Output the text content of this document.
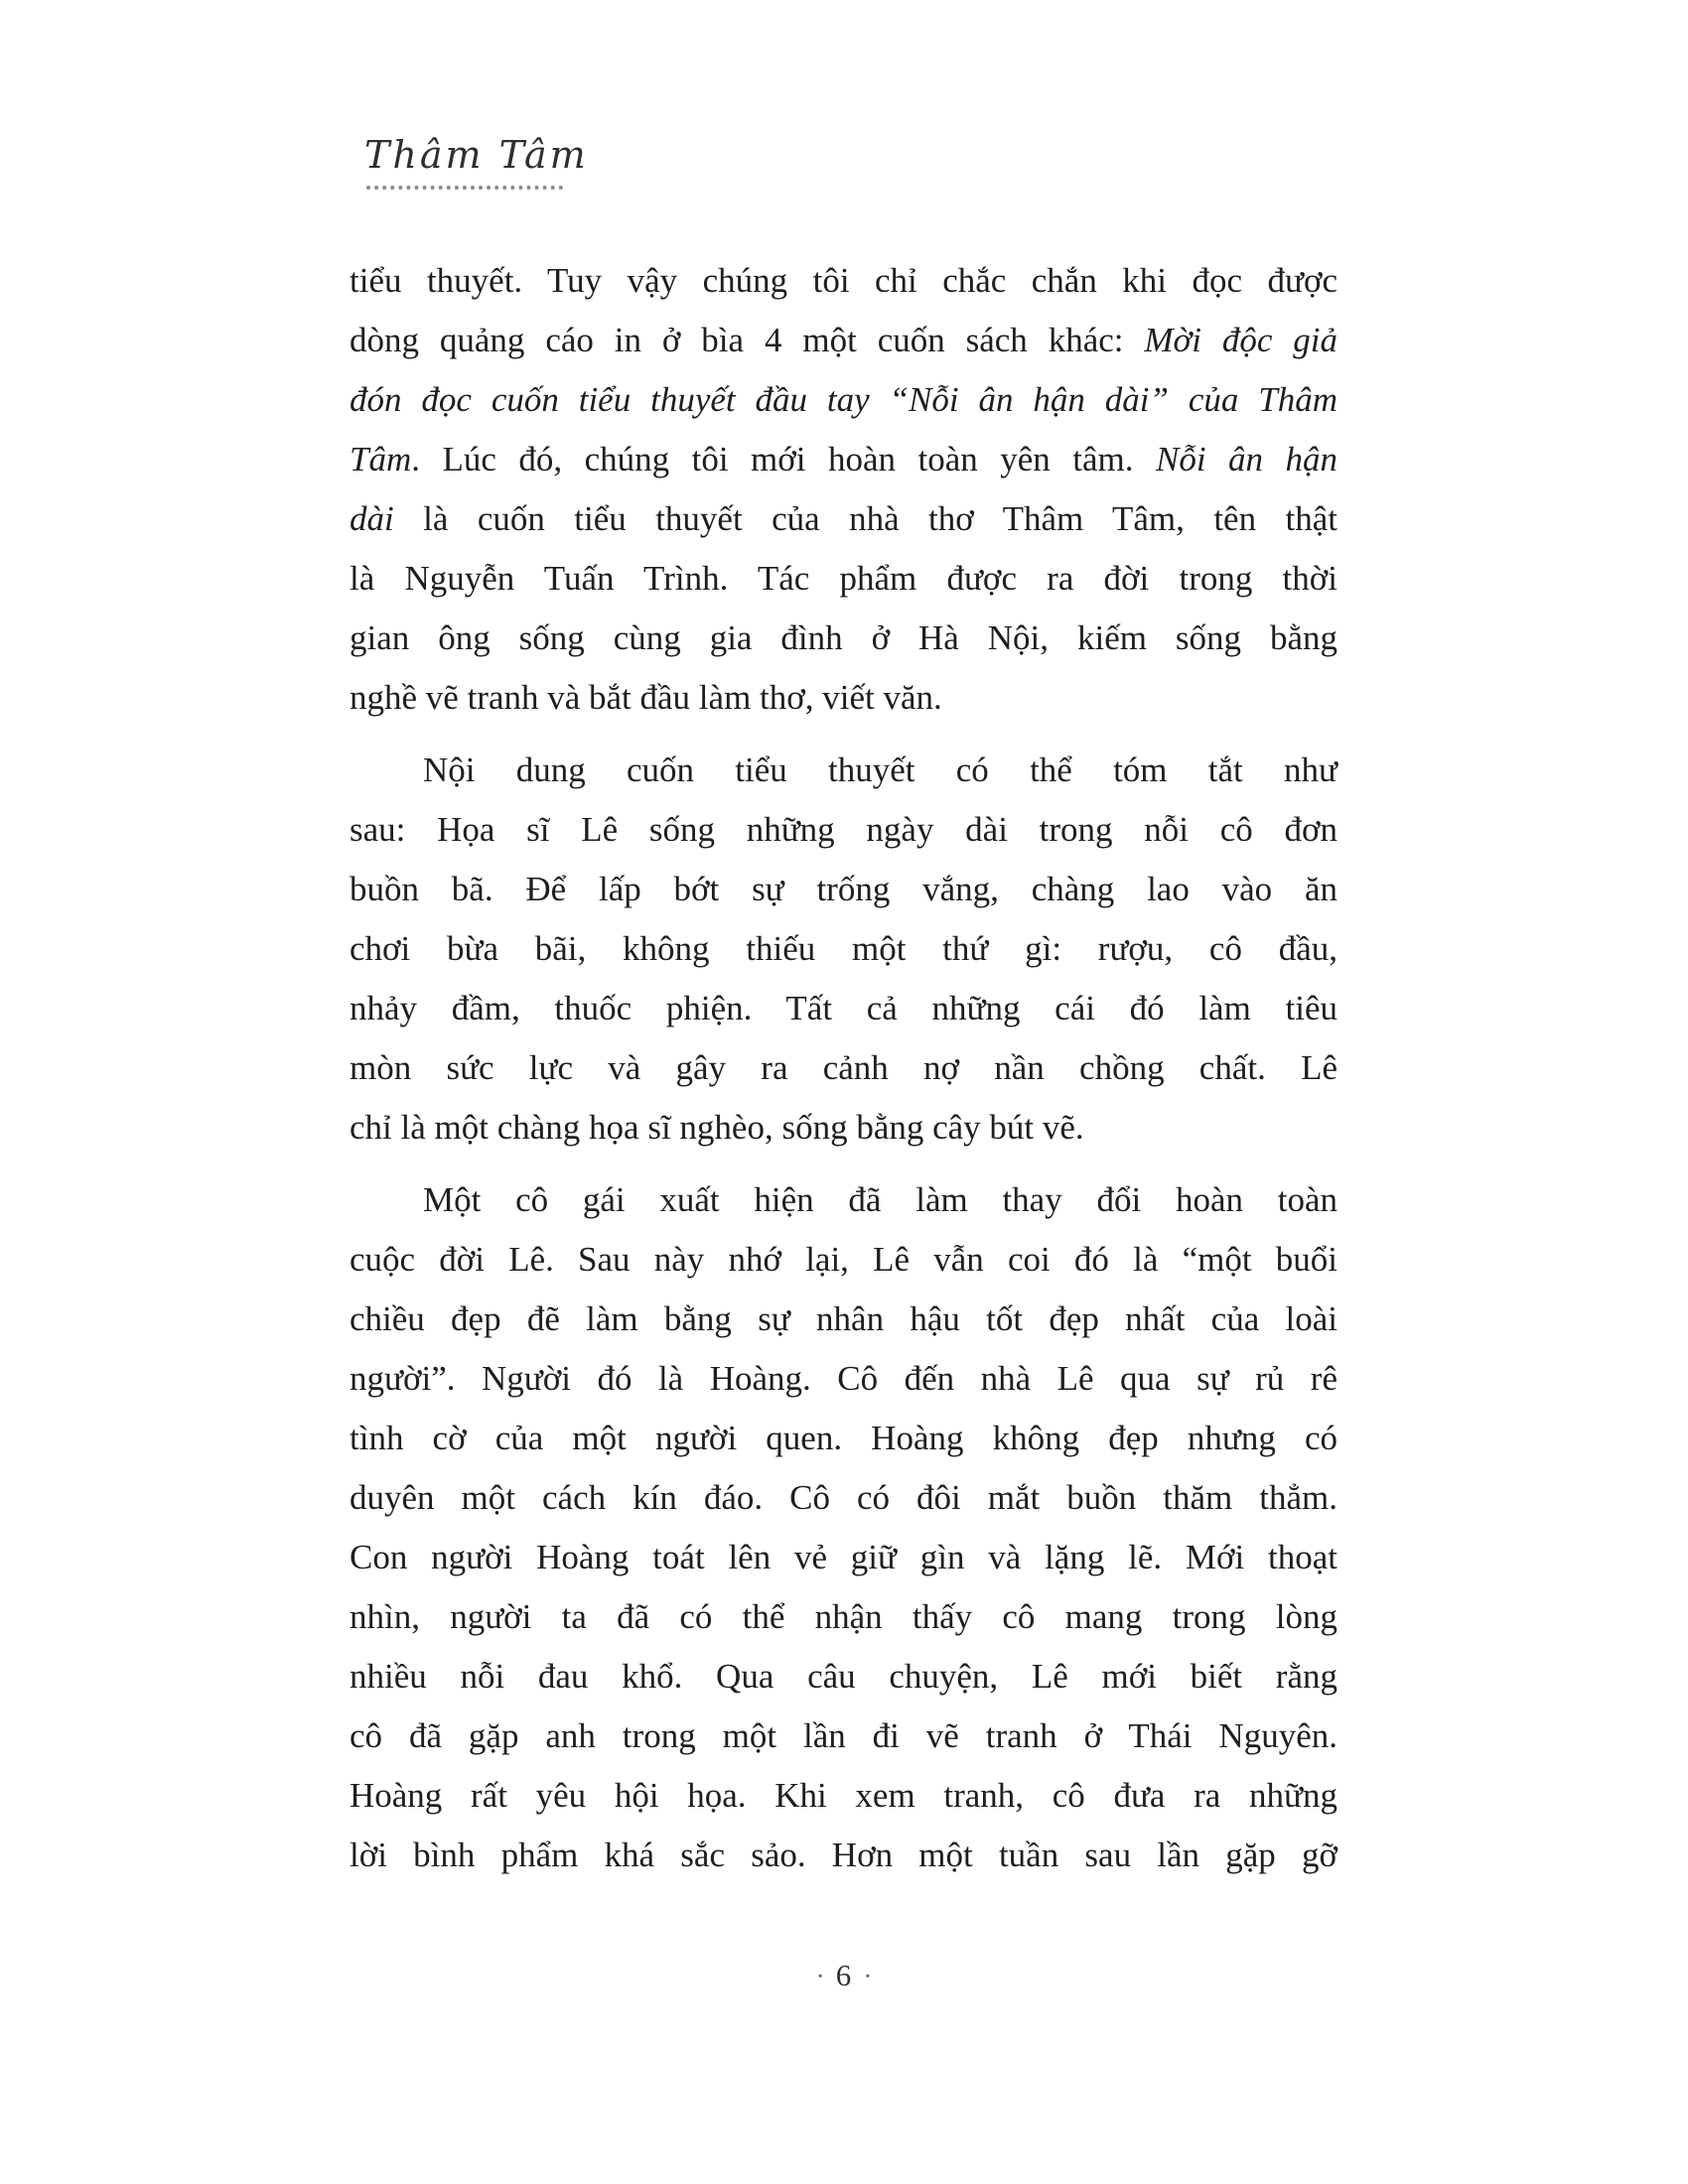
Thâm Tâm
tiểu thuyết. Tuy vậy chúng tôi chỉ chắc chắn khi đọc được
dòng quảng cáo in ở bìa 4 một cuốn sách khác: Mời độc giả
đón đọc cuốn tiểu thuyết đầu tay “Nỗi ân hận dài” của Thâm
Tâm. Lúc đó, chúng tôi mới hoàn toàn yên tâm. Nỗi ân hận
dài là cuốn tiểu thuyết của nhà thơ Thâm Tâm, tên thật
là Nguyễn Tuấn Trình. Tác phẩm được ra đời trong thời
gian ông sống cùng gia đình ở Hà Nội, kiếm sống bằng
nghề vẽ tranh và bắt đầu làm thơ, viết văn.
Nội dung cuốn tiểu thuyết có thể tóm tắt như
sau: Họa sĩ Lê sống những ngày dài trong nỗi cô đơn
buồn bã. Để lấp bớt sự trống vắng, chàng lao vào ăn
chơi bừa bãi, không thiếu một thứ gì: rượu, cô đầu,
nhảy đầm, thuốc phiện. Tất cả những cái đó làm tiêu
mòn sức lực và gây ra cảnh nợ nần chồng chất. Lê
chỉ là một chàng họa sĩ nghèo, sống bằng cây bút vẽ.
Một cô gái xuất hiện đã làm thay đổi hoàn toàn
cuộc đời Lê. Sau này nhớ lại, Lê vẫn coi đó là “một buổi
chiều đẹp đẽ làm bằng sự nhân hậu tốt đẹp nhất của loài
người”. Người đó là Hoàng. Cô đến nhà Lê qua sự rủ rê
tình cờ của một người quen. Hoàng không đẹp nhưng có
duyên một cách kín đáo. Cô có đôi mắt buồn thăm thẳm.
Con người Hoàng toát lên vẻ giữ gìn và lặng lẽ. Mới thoạt
nhìn, người ta đã có thể nhận thấy cô mang trong lòng
nhiều nỗi đau khổ. Qua câu chuyện, Lê mới biết rằng
cô đã gặp anh trong một lần đi vẽ tranh ở Thái Nguyên.
Hoàng rất yêu hội họa. Khi xem tranh, cô đưa ra những
lời bình phẩm khá sắc sảo. Hơn một tuần sau lần gặp gỡ
· 6 ·
